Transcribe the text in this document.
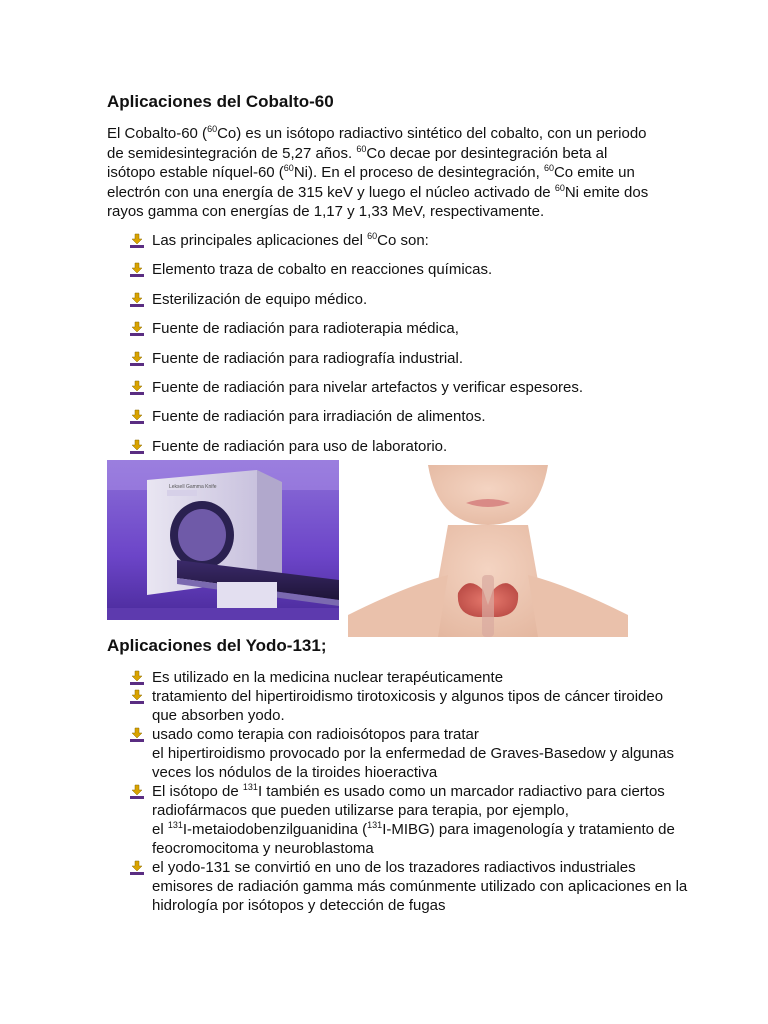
Aplicaciones del Cobalto-60

El Cobalto-60 ($^{60}$Co) es un isótopo radiactivo sintético del cobalto, con un periodo de semidesintegración de 5,27 años. $^{60}$Co decae por desintegración beta al isótopo estable níquel-60 ($^{60}$Ni). En el proceso de desintegración, $^{60}$Co emite un electrón con una energía de 315 keV y luego el núcleo activado de $^{60}$Ni emite dos rayos gamma con energías de 1,17 y 1,33 MeV, respectivamente.

Las principales aplicaciones del $^{60}$Co son:
Elemento traza de cobalto en reacciones químicas.
Esterilización de equipo médico.
Fuente de radiación para radioterapia médica,
Fuente de radiación para radiografía industrial.
Fuente de radiación para nivelar artefactos y verificar espesores.
Fuente de radiación para irradiación de alimentos.
Fuente de radiación para uso de laboratorio.
Leksell Gamma Knife
Aplicaciones del Yodo-131;
Es utilizado en la medicina nuclear terapéuticamente
tratamiento del hipertiroidismo tirotoxicosis y algunos tipos de cáncer tiroideo que absorben yodo.
usado como terapia con radioisótopos para tratar
el hipertiroidismo provocado por la enfermedad de Graves-Basedow y algunas veces los nódulos de la tiroides hioeractiva
El isótopo de $^{131}$I también es usado como un marcador radiactivo para ciertos radiofármacos que pueden utilizarse para terapia, por ejemplo,
el $^{131}$I-metaiodobenzilguanidina ($^{131}$I-MIBG) para imagenología y tratamiento de feocromocitoma y neuroblastoma
el yodo-131 se convirtió en uno de los trazadores radiactivos industriales emisores de radiación gamma más comúnmente utilizado con aplicaciones en la hidrología por isótopos y detección de fugas
